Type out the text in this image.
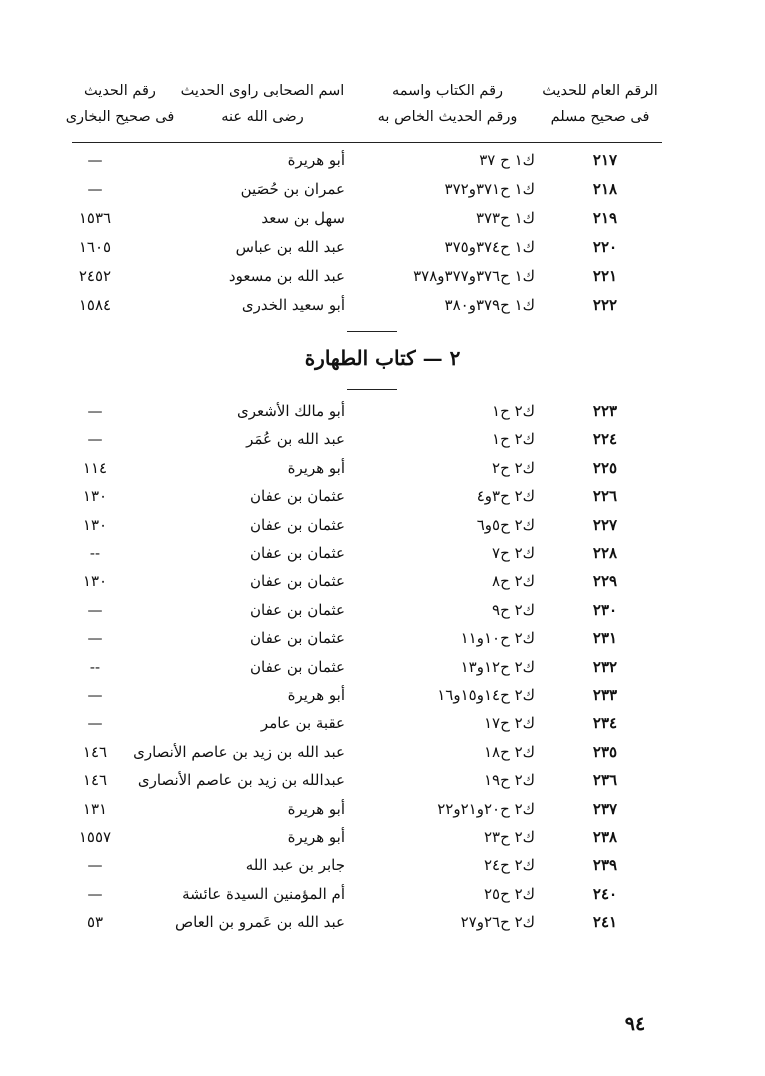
الرقم العام للحديث
فى صحيح مسلم
رقم الكتاب واسمه
ورقم الحديث الخاص به
اسم الصحابى راوى الحديث
رضى الله عنه
رقم الحديث
فى صحيح البخارى
٢١٧
ك١ ح ٣٧
أبو هريرة
—
٢١٨
ك١ ح٣٧١و٣٧٢
عمران بن حُصَين
—
٢١٩
ك١ ح٣٧٣
سهل بن سعد
١٥٣٦
٢٢٠
ك١ ح٣٧٤و٣٧٥
عبد الله بن عباس
١٦٠٥
٢٢١
ك١ ح٣٧٦و٣٧٧و٣٧٨
عبد الله بن مسعود
٢٤٥٢
٢٢٢
ك١ ح٣٧٩و٣٨٠
أبو سعيد الخدرى
١٥٨٤
٢ — كتاب الطهارة
٢٢٣
ك٢ ح١
أبو مالك الأشعرى
—
٢٢٤
ك٢ ح١
عبد الله بن عُمَر
—
٢٢٥
ك٢ ح٢
أبو هريرة
١١٤
٢٢٦
ك٢ ح٣و٤
عثمان بن عفان
١٣٠
٢٢٧
ك٢ ح٥و٦
عثمان بن عفان
١٣٠
٢٢٨
ك٢ ح٧
عثمان بن عفان
--
٢٢٩
ك٢ ح٨
عثمان بن عفان
١٣٠
٢٣٠
ك٢ ح٩
عثمان بن عفان
—
٢٣١
ك٢ ح١٠و١١
عثمان بن عفان
—
٢٣٢
ك٢ ح١٢و١٣
عثمان بن عفان
--
٢٣٣
ك٢ ح١٤و١٥و١٦
أبو هريرة
—
٢٣٤
ك٢ ح١٧
عقبة بن عامر
—
٢٣٥
ك٢ ح١٨
عبد الله بن زيد بن عاصم الأنصارى
١٤٦
٢٣٦
ك٢ ح١٩
عبدالله بن زيد بن عاصم الأنصارى
١٤٦
٢٣٧
ك٢ ح٢٠و٢١و٢٢
أبو هريرة
١٣١
٢٣٨
ك٢ ح٢٣
أبو هريرة
١٥٥٧
٢٣٩
ك٢ ح٢٤
جابر بن عبد الله
—
٢٤٠
ك٢ ح٢٥
أم المؤمنين السيدة عائشة
—
٢٤١
ك٢ ح٢٦و٢٧
عبد الله بن عَمرو بن العاص
٥٣
٩٤
